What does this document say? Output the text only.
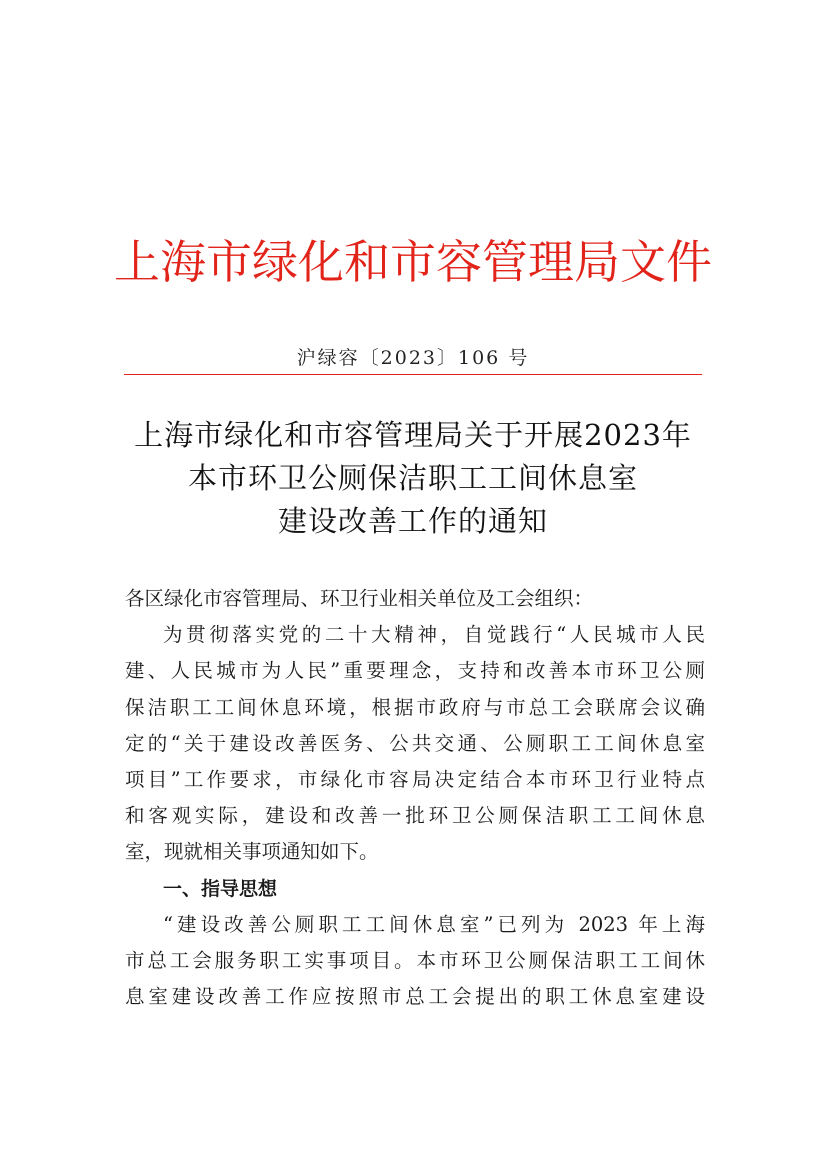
上海市绿化和市容管理局文件
沪绿容〔2023〕106 号
上海市绿化和市容管理局关于开展2023年
本市环卫公厕保洁职工工间休息室
建设改善工作的通知
各区绿化市容管理局、环卫行业相关单位及工会组织：
为贯彻落实党的二十大精神，自觉践行“人民城市人民
建、人民城市为人民”重要理念，支持和改善本市环卫公厕
保洁职工工间休息环境，根据市政府与市总工会联席会议确
定的“关于建设改善医务、公共交通、公厕职工工间休息室
项目”工作要求，市绿化市容局决定结合本市环卫行业特点
和客观实际，建设和改善一批环卫公厕保洁职工工间休息
室，现就相关事项通知如下。
一、指导思想
“建设改善公厕职工工间休息室”已列为 2023 年上海
市总工会服务职工实事项目。本市环卫公厕保洁职工工间休
息室建设改善工作应按照市总工会提出的职工休息室建设
